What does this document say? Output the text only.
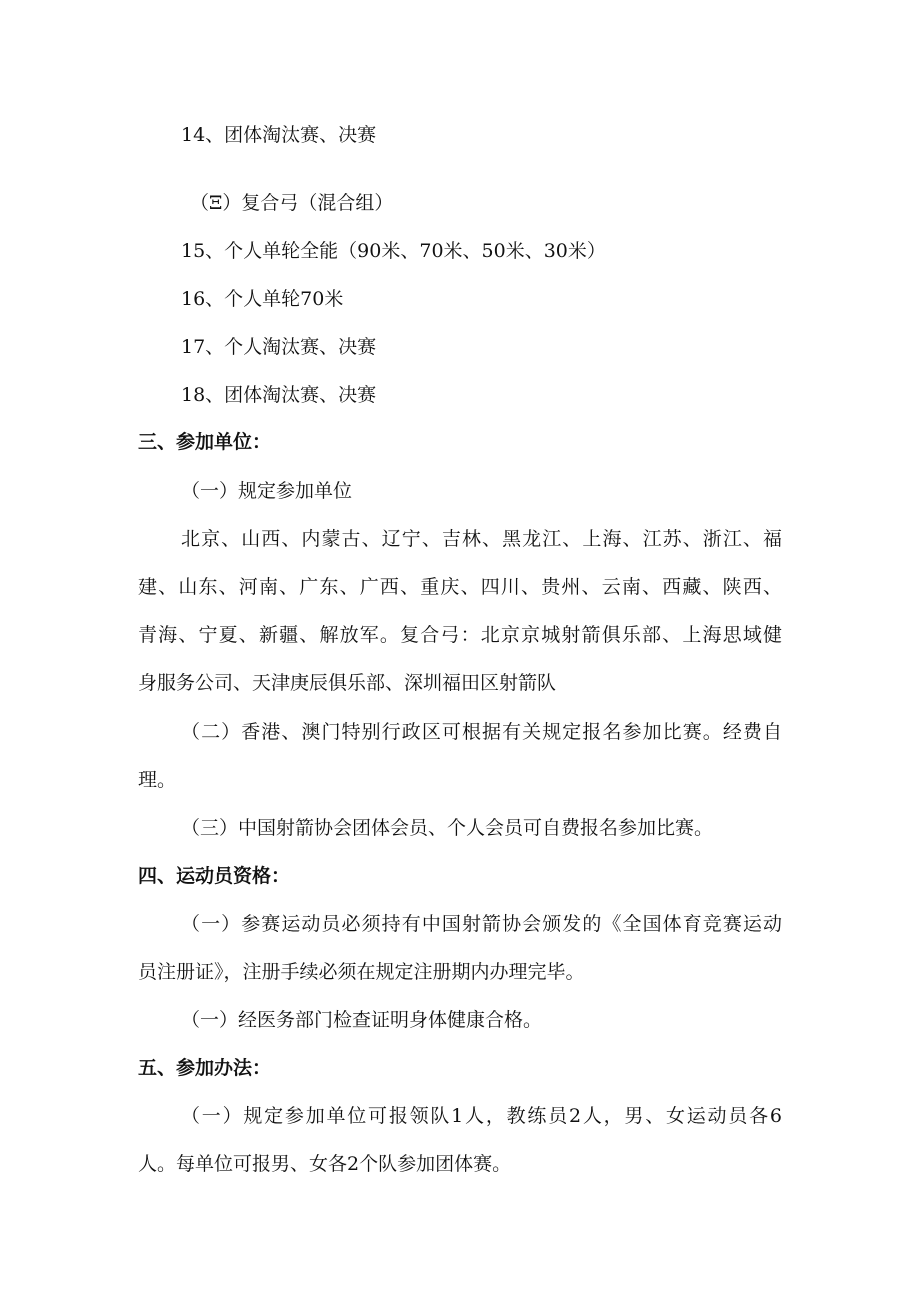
14、团体淘汰赛、决赛
（Ξ）复合弓（混合组）
15、个人单轮全能（90米、70米、50米、30米）
16、个人单轮70米
17、个人淘汰赛、决赛
18、团体淘汰赛、决赛
三、参加单位：
（一）规定参加单位
北京、山西、内蒙古、辽宁、吉林、黑龙江、上海、江苏、浙江、福
建、山东、河南、广东、广西、重庆、四川、贵州、云南、西藏、陕西、
青海、宁夏、新疆、解放军。复合弓：北京京城射箭俱乐部、上海思域健
身服务公司、天津庚辰俱乐部、深圳福田区射箭队
（二）香港、澳门特别行政区可根据有关规定报名参加比赛。经费自
理。
（三）中国射箭协会团体会员、个人会员可自费报名参加比赛。
四、运动员资格：
（一）参赛运动员必须持有中国射箭协会颁发的《全国体育竞赛运动
员注册证》，注册手续必须在规定注册期内办理完毕。
（一）经医务部门检查证明身体健康合格。
五、参加办法：
（一）规定参加单位可报领队1人，教练员2人，男、女运动员各6
人。每单位可报男、女各2个队参加团体赛。
